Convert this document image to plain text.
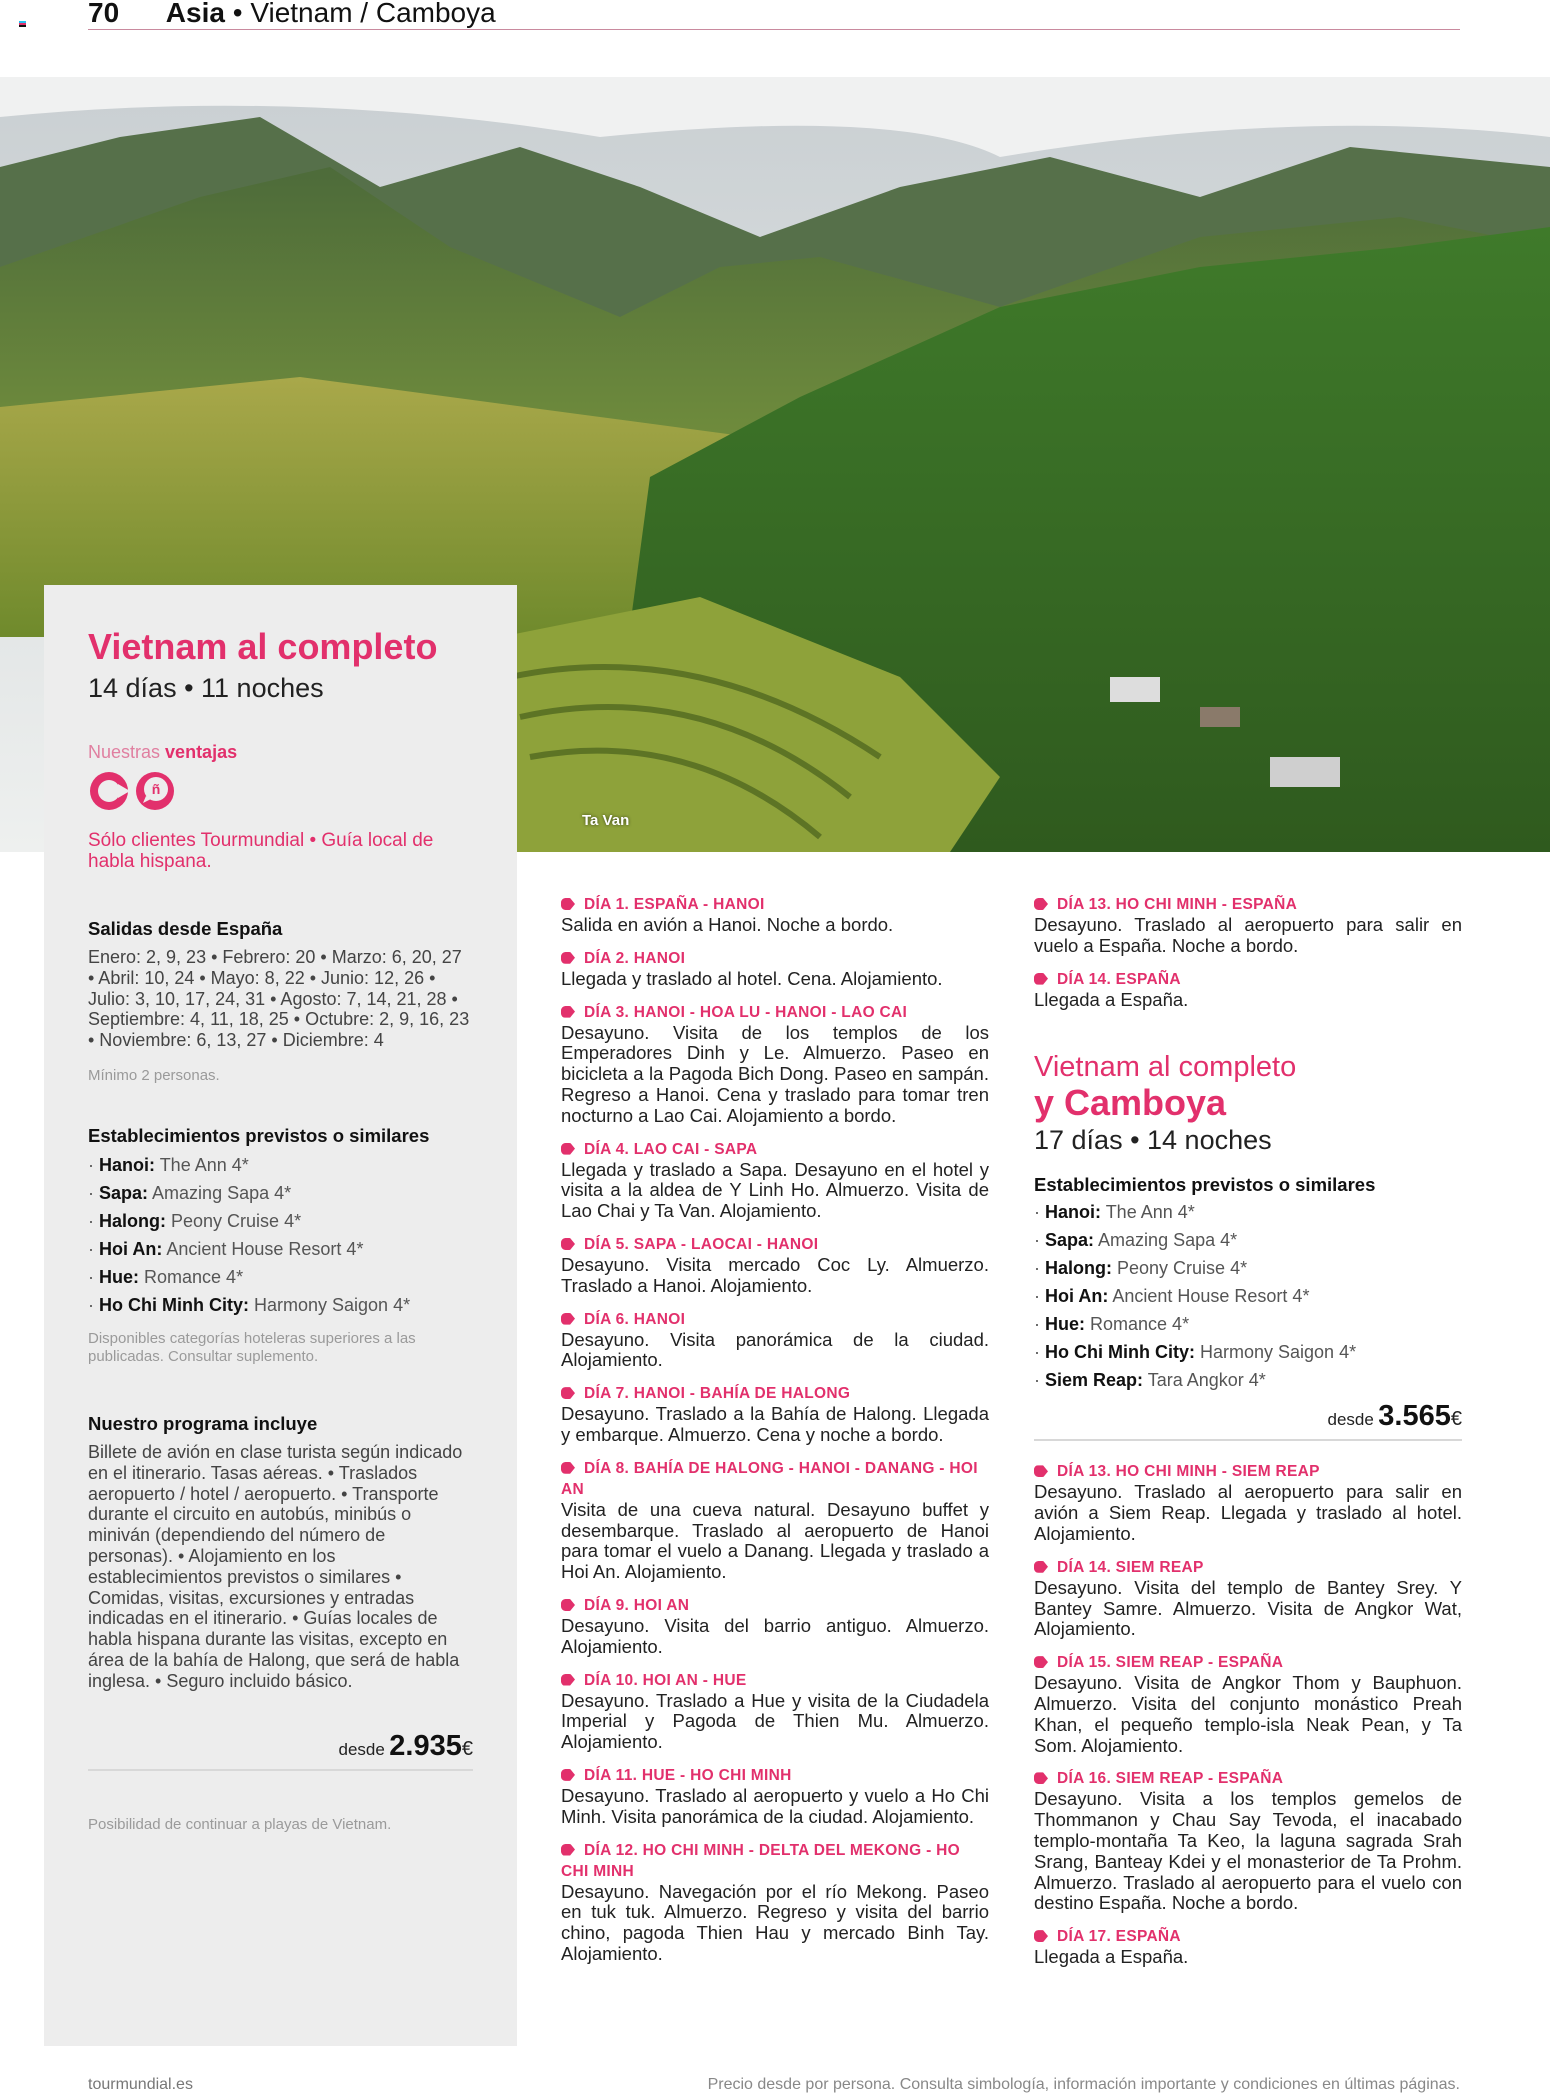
70 Asia • Vietnam / Camboya
Ta Van
Vietnam al completo
14 días • 11 noches
Nuestras ventajas
ñ
Sólo clientes Tourmundial • Guía local de habla hispana.
Salidas desde España
Enero: 2, 9, 23 • Febrero: 20 • Marzo: 6, 20, 27 • Abril: 10, 24 • Mayo: 8, 22 • Junio: 12, 26 • Julio: 3, 10, 17, 24, 31 • Agosto: 7, 14, 21, 28 • Septiembre: 4, 11, 18, 25 • Octubre: 2, 9, 16, 23 • Noviembre: 6, 13, 27 • Diciembre: 4
Mínimo 2 personas.
Establecimientos previstos o similares
· Hanoi: The Ann 4*
· Sapa: Amazing Sapa 4*
· Halong: Peony Cruise 4*
· Hoi An: Ancient House Resort 4*
· Hue: Romance 4*
· Ho Chi Minh City: Harmony Saigon 4*
Disponibles categorías hoteleras superiores a las publicadas. Consultar suplemento.
Nuestro programa incluye
Billete de avión en clase turista según indicado en el itinerario. Tasas aéreas. • Traslados aeropuerto / hotel / aeropuerto. • Transporte durante el circuito en autobús, minibús o miniván (dependiendo del número de personas). • Alojamiento en los establecimientos previstos o similares • Comidas, visitas, excursiones y entradas indicadas en el itinerario. • Guías locales de habla hispana durante las visitas, excepto en área de la bahía de Halong, que será de habla inglesa. • Seguro incluido básico.
desde 2.935€
Posibilidad de continuar a playas de Vietnam.
DÍA 1. ESPAÑA - HANOI
Salida en avión a Hanoi. Noche a bordo.
DÍA 2. HANOI
Llegada y traslado al hotel. Cena. Alojamiento.
DÍA 3. HANOI - HOA LU - HANOI - LAO CAI
Desayuno. Visita de los templos de los Emperadores Dinh y Le. Almuerzo. Paseo en bicicleta a la Pagoda Bich Dong. Paseo en sampán. Regreso a Hanoi. Cena y traslado para tomar tren nocturno a Lao Cai. Alojamiento a bordo.
DÍA 4. LAO CAI - SAPA
Llegada y traslado a Sapa. Desayuno en el hotel y visita a la aldea de Y Linh Ho. Almuerzo. Visita de Lao Chai y Ta Van. Alojamiento.
DÍA 5. SAPA - LAOCAI - HANOI
Desayuno. Visita mercado Coc Ly. Almuerzo. Traslado a Hanoi. Alojamiento.
DÍA 6. HANOI
Desayuno. Visita panorámica de la ciudad. Alojamiento.
DÍA 7. HANOI - BAHÍA DE HALONG
Desayuno. Traslado a la Bahía de Halong. Llegada y embarque. Almuerzo. Cena y noche a bordo.
DÍA 8. BAHÍA DE HALONG - HANOI - DANANG - HOI AN
Visita de una cueva natural. Desayuno buffet y desembarque. Traslado al aeropuerto de Hanoi para tomar el vuelo a Danang. Llegada y traslado a Hoi An. Alojamiento.
DÍA 9. HOI AN
Desayuno. Visita del barrio antiguo. Almuerzo. Alojamiento.
DÍA 10. HOI AN - HUE
Desayuno. Traslado a Hue y visita de la Ciudadela Imperial y Pagoda de Thien Mu. Almuerzo. Alojamiento.
DÍA 11. HUE - HO CHI MINH
Desayuno. Traslado al aeropuerto y vuelo a Ho Chi Minh. Visita panorámica de la ciudad. Alojamiento.
DÍA 12. HO CHI MINH - DELTA DEL MEKONG - HO CHI MINH
Desayuno. Navegación por el río Mekong. Paseo en tuk tuk. Almuerzo. Regreso y visita del barrio chino, pagoda Thien Hau y mercado Binh Tay. Alojamiento.
DÍA 13. HO CHI MINH - ESPAÑA
Desayuno. Traslado al aeropuerto para salir en vuelo a España. Noche a bordo.
DÍA 14. ESPAÑA
Llegada a España.
Vietnam al completo
y Camboya
17 días • 14 noches
Establecimientos previstos o similares
· Hanoi: The Ann 4*
· Sapa: Amazing Sapa 4*
· Halong: Peony Cruise 4*
· Hoi An: Ancient House Resort 4*
· Hue: Romance 4*
· Ho Chi Minh City: Harmony Saigon 4*
· Siem Reap: Tara Angkor 4*
desde 3.565€
DÍA 13. HO CHI MINH - SIEM REAP
Desayuno. Traslado al aeropuerto para salir en avión a Siem Reap. Llegada y traslado al hotel. Alojamiento.
DÍA 14. SIEM REAP
Desayuno. Visita del templo de Bantey Srey. Y Bantey Samre. Almuerzo. Visita de Angkor Wat, Alojamiento.
DÍA 15. SIEM REAP - ESPAÑA
Desayuno. Visita de Angkor Thom y Bauphuon. Almuerzo. Visita del conjunto monástico Preah Khan, el pequeño templo-isla Neak Pean, y Ta Som. Alojamiento.
DÍA 16. SIEM REAP - ESPAÑA
Desayuno. Visita a los templos gemelos de Thommanon y Chau Say Tevoda, el inacabado templo-montaña Ta Keo, la laguna sagrada Srah Srang, Banteay Kdei y el monasterior de Ta Prohm. Almuerzo. Traslado al aeropuerto para el vuelo con destino España. Noche a bordo.
DÍA 17. ESPAÑA
Llegada a España.
tourmundial.es	Precio desde por persona. Consulta simbología, información importante y condiciones en últimas páginas.
